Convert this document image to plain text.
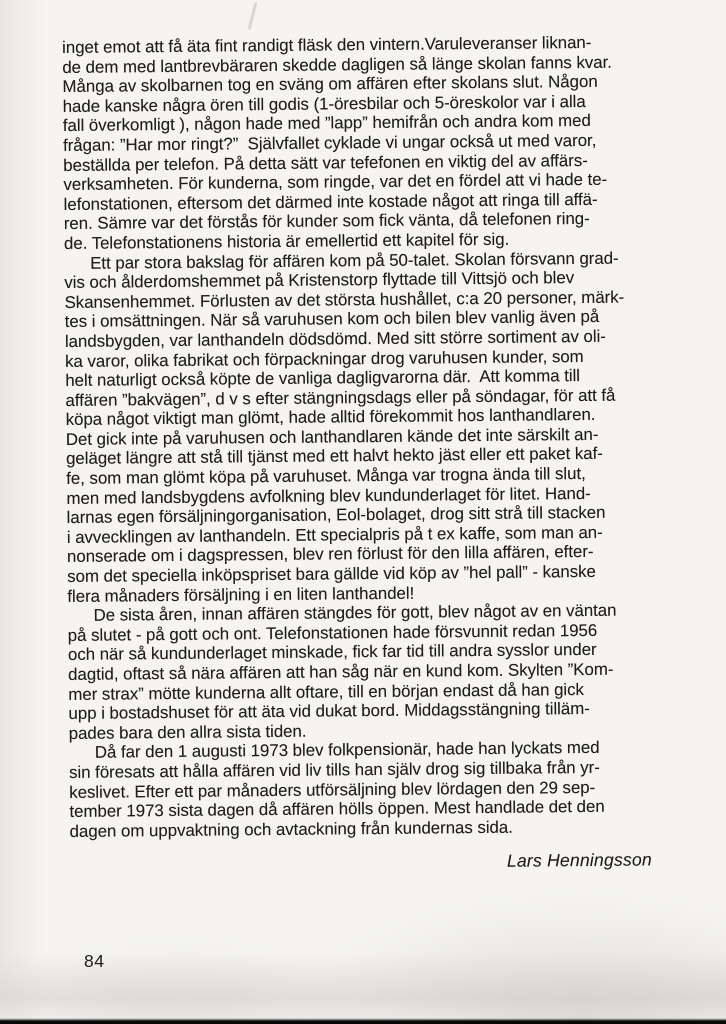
inget emot att få äta fint randigt fläsk den vintern.Varuleveranser liknan-
de dem med lantbrevbäraren skedde dagligen så länge skolan fanns kvar.
Många av skolbarnen tog en sväng om affären efter skolans slut. Någon
hade kanske några ören till godis (1-öresbilar och 5-öreskolor var i alla
fall överkomligt ), någon hade med ”lapp” hemifrån och andra kom med
frågan: ”Har mor ringt?”  Självfallet cyklade vi ungar också ut med varor,
beställda per telefon. På detta sätt var tefefonen en viktig del av affärs-
verksamheten. För kunderna, som ringde, var det en fördel att vi hade te-
lefonstationen, eftersom det därmed inte kostade något att ringa till affä-
ren. Sämre var det förstås för kunder som fick vänta, då telefonen ring-
de. Telefonstationens historia är emellertid ett kapitel för sig.

Ett par stora bakslag för affären kom på 50-talet. Skolan försvann grad-
vis och ålderdomshemmet på Kristenstorp flyttade till Vittsjö och blev
Skansenhemmet. Förlusten av det största hushållet, c:a 20 personer, märk-
tes i omsättningen. När så varuhusen kom och bilen blev vanlig även på
landsbygden, var lanthandeln dödsdömd. Med sitt större sortiment av oli-
ka varor, olika fabrikat och förpackningar drog varuhusen kunder, som
helt naturligt också köpte de vanliga dagligvarorna där.  Att komma till
affären ”bakvägen”, d v s efter stängningsdags eller på söndagar, för att få
köpa något viktigt man glömt, hade alltid förekommit hos lanthandlaren.
Det gick inte på varuhusen och lanthandlaren kände det inte särskilt an-
geläget längre att stå till tjänst med ett halvt hekto jäst eller ett paket kaf-
fe, som man glömt köpa på varuhuset. Många var trogna ända till slut,
men med landsbygdens avfolkning blev kundunderlaget för litet. Hand-
larnas egen försäljningorganisation, Eol-bolaget, drog sitt strå till stacken
i avvecklingen av lanthandeln. Ett specialpris på t ex kaffe, som man an-
nonserade om i dagspressen, blev ren förlust för den lilla affären, efter-
som det speciella inköpspriset bara gällde vid köp av ”hel pall” - kanske
flera månaders försäljning i en liten lanthandel!

De sista åren, innan affären stängdes för gott, blev något av en väntan
på slutet - på gott och ont. Telefonstationen hade försvunnit redan 1956
och när så kundunderlaget minskade, fick far tid till andra sysslor under
dagtid, oftast så nära affären att han såg när en kund kom. Skylten ”Kom-
mer strax” mötte kunderna allt oftare, till en början endast då han gick
upp i bostadshuset för att äta vid dukat bord. Middagsstängning tilläm-
pades bara den allra sista tiden.

Då far den 1 augusti 1973 blev folkpensionär, hade han lyckats med
sin föresats att hålla affären vid liv tills han själv drog sig tillbaka från yr-
keslivet. Efter ett par månaders utförsäljning blev lördagen den 29 sep-
tember 1973 sista dagen då affären hölls öppen. Mest handlade det den
dagen om uppvaktning och avtackning från kundernas sida.

Lars Henningsson
84
